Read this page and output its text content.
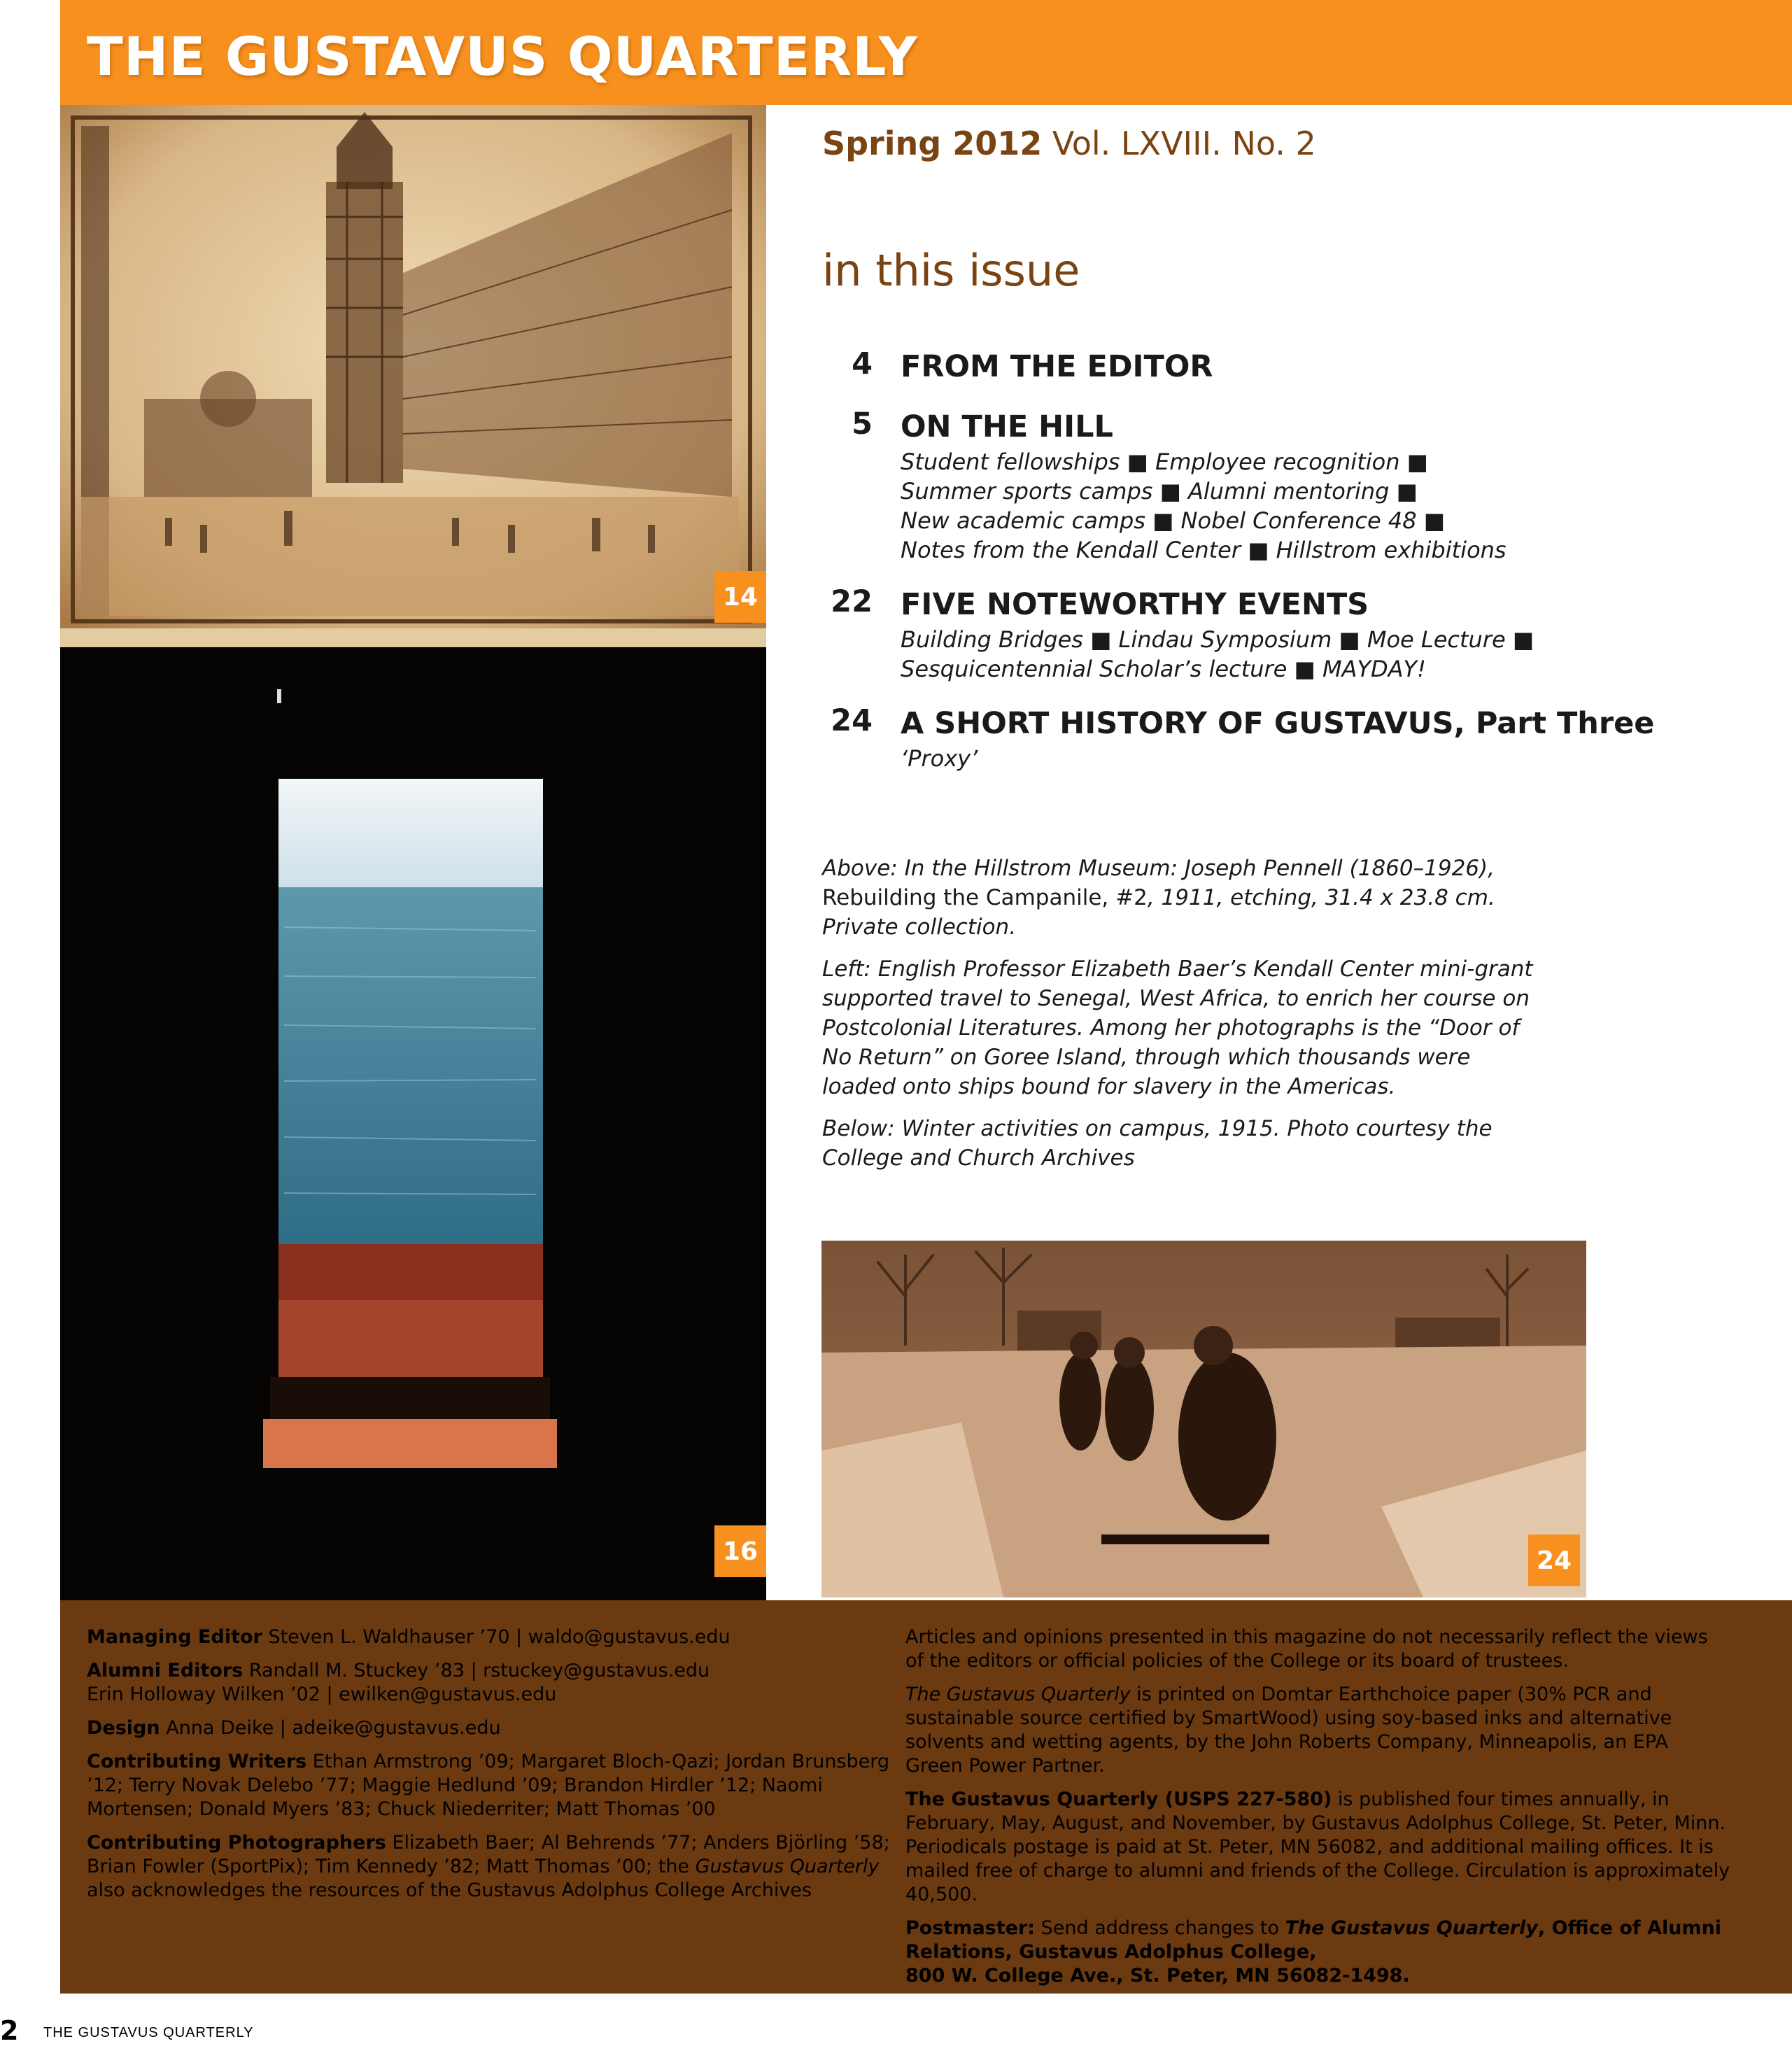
THE GUSTAVUS QUARTERLY
14
16
Spring 2012 Vol. LXVIII. No. 2
in this issue
4 FROM THE EDITOR
5 ON THE HILL
Student fellowships ■ Employee recognition ■
Summer sports camps ■ Alumni mentoring ■
New academic camps ■ Nobel Conference 48 ■
Notes from the Kendall Center ■ Hillstrom exhibitions
22 FIVE NOTEWORTHY EVENTS
Building Bridges ■ Lindau Symposium ■ Moe Lecture ■
Sesquicentennial Scholar’s lecture ■ MAYDAY!
24 A SHORT HISTORY OF GUSTAVUS, Part Three
‘Proxy’

Above: In the Hillstrom Museum: Joseph Pennell (1860–1926), Rebuilding the Campanile, #2, 1911, etching, 31.4 x 23.8 cm. Private collection.

Left: English Professor Elizabeth Baer’s Kendall Center mini-grant supported travel to Senegal, West Africa, to enrich her course on Postcolonial Literatures. Among her photographs is the “Door of No Return” on Goree Island, through which thousands were loaded onto ships bound for slavery in the Americas.

Below: Winter activities on campus, 1915. Photo courtesy the College and Church Archives

24

Managing Editor Steven L. Waldhauser ’70 | waldo@gustavus.edu

Alumni Editors Randall M. Stuckey ’83 | rstuckey@gustavus.edu
Erin Holloway Wilken ’02 | ewilken@gustavus.edu

Design Anna Deike | adeike@gustavus.edu

Contributing Writers Ethan Armstrong ’09; Margaret Bloch-Qazi; Jordan Brunsberg ’12; Terry Novak Delebo ’77; Maggie Hedlund ’09; Brandon Hirdler ’12; Naomi Mortensen; Donald Myers ’83; Chuck Niederriter; Matt Thomas ’00

Contributing Photographers Elizabeth Baer; Al Behrends ’77; Anders Björling ’58; Brian Fowler (SportPix); Tim Kennedy ’82; Matt Thomas ’00; the Gustavus Quarterly also acknowledges the resources of the Gustavus Adolphus College Archives

Articles and opinions presented in this magazine do not necessarily reflect the views of the editors or official policies of the College or its board of trustees.

The Gustavus Quarterly is printed on Domtar Earthchoice paper (30% PCR and sustainable source certified by SmartWood) using soy-based inks and alternative solvents and wetting agents, by the John Roberts Company, Minneapolis, an EPA Green Power Partner.

The Gustavus Quarterly (USPS 227-580) is published four times annually, in February, May, August, and November, by Gustavus Adolphus College, St. Peter, Minn. Periodicals postage is paid at St. Peter, MN 56082, and additional mailing offices. It is mailed free of charge to alumni and friends of the College. Circulation is approximately 40,500.

Postmaster: Send address changes to The Gustavus Quarterly, Office of Alumni Relations, Gustavus Adolphus College,
800 W. College Ave., St. Peter, MN 56082-1498.

2 THE GUSTAVUS QUARTERLY
